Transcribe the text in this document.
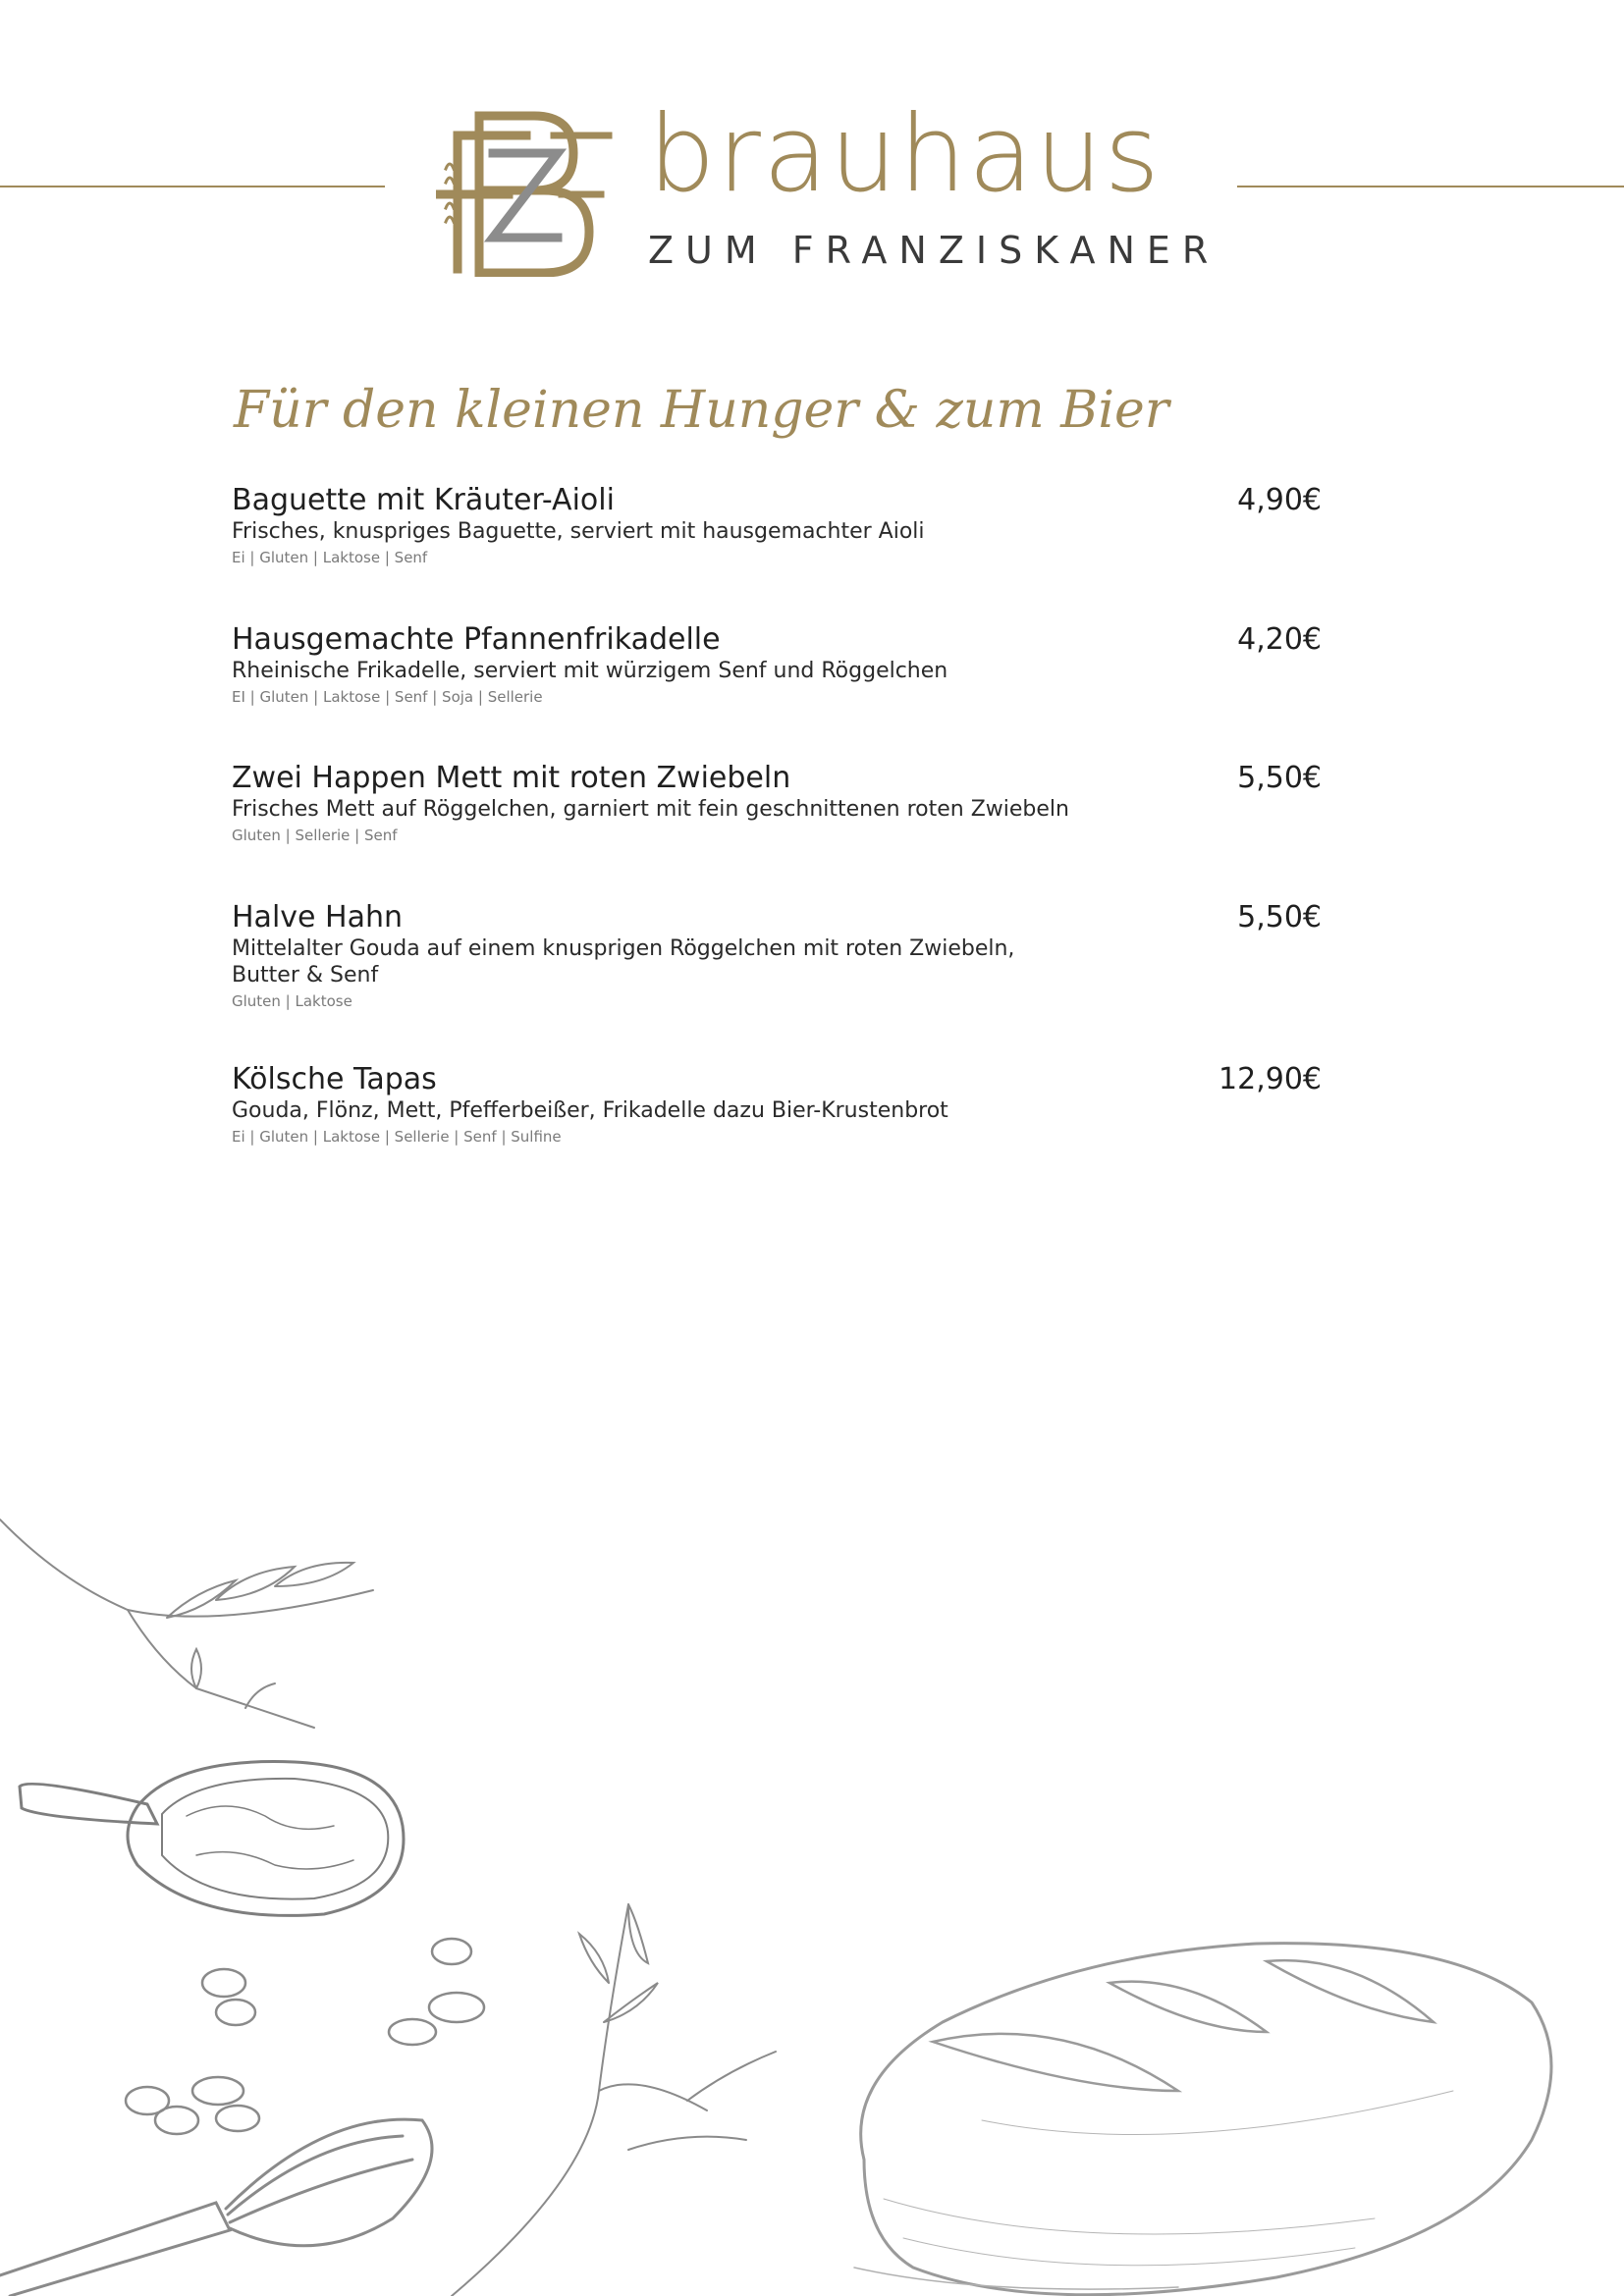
brauhaus
ZUM FRANZISKANER
Für den kleinen Hunger & zum Bier
Baguette mit Kräuter-Aioli	4,90€
Frisches, knuspriges Baguette, serviert mit hausgemachter Aioli
Ei | Gluten | Laktose | Senf
Hausgemachte Pfannenfrikadelle	4,20€
Rheinische Frikadelle, serviert mit würzigem Senf und Röggelchen
EI | Gluten | Laktose | Senf | Soja | Sellerie
Zwei Happen Mett mit roten Zwiebeln	5,50€
Frisches Mett auf Röggelchen, garniert mit fein geschnittenen roten Zwiebeln
Gluten | Sellerie | Senf
Halve Hahn	5,50€
Mittelalter Gouda auf einem knusprigen Röggelchen mit roten Zwiebeln, Butter & Senf
Gluten | Laktose
Kölsche Tapas	12,90€
Gouda, Flönz, Mett, Pfefferbeißer, Frikadelle dazu Bier-Krustenbrot
Ei | Gluten | Laktose | Sellerie | Senf | Sulfine
